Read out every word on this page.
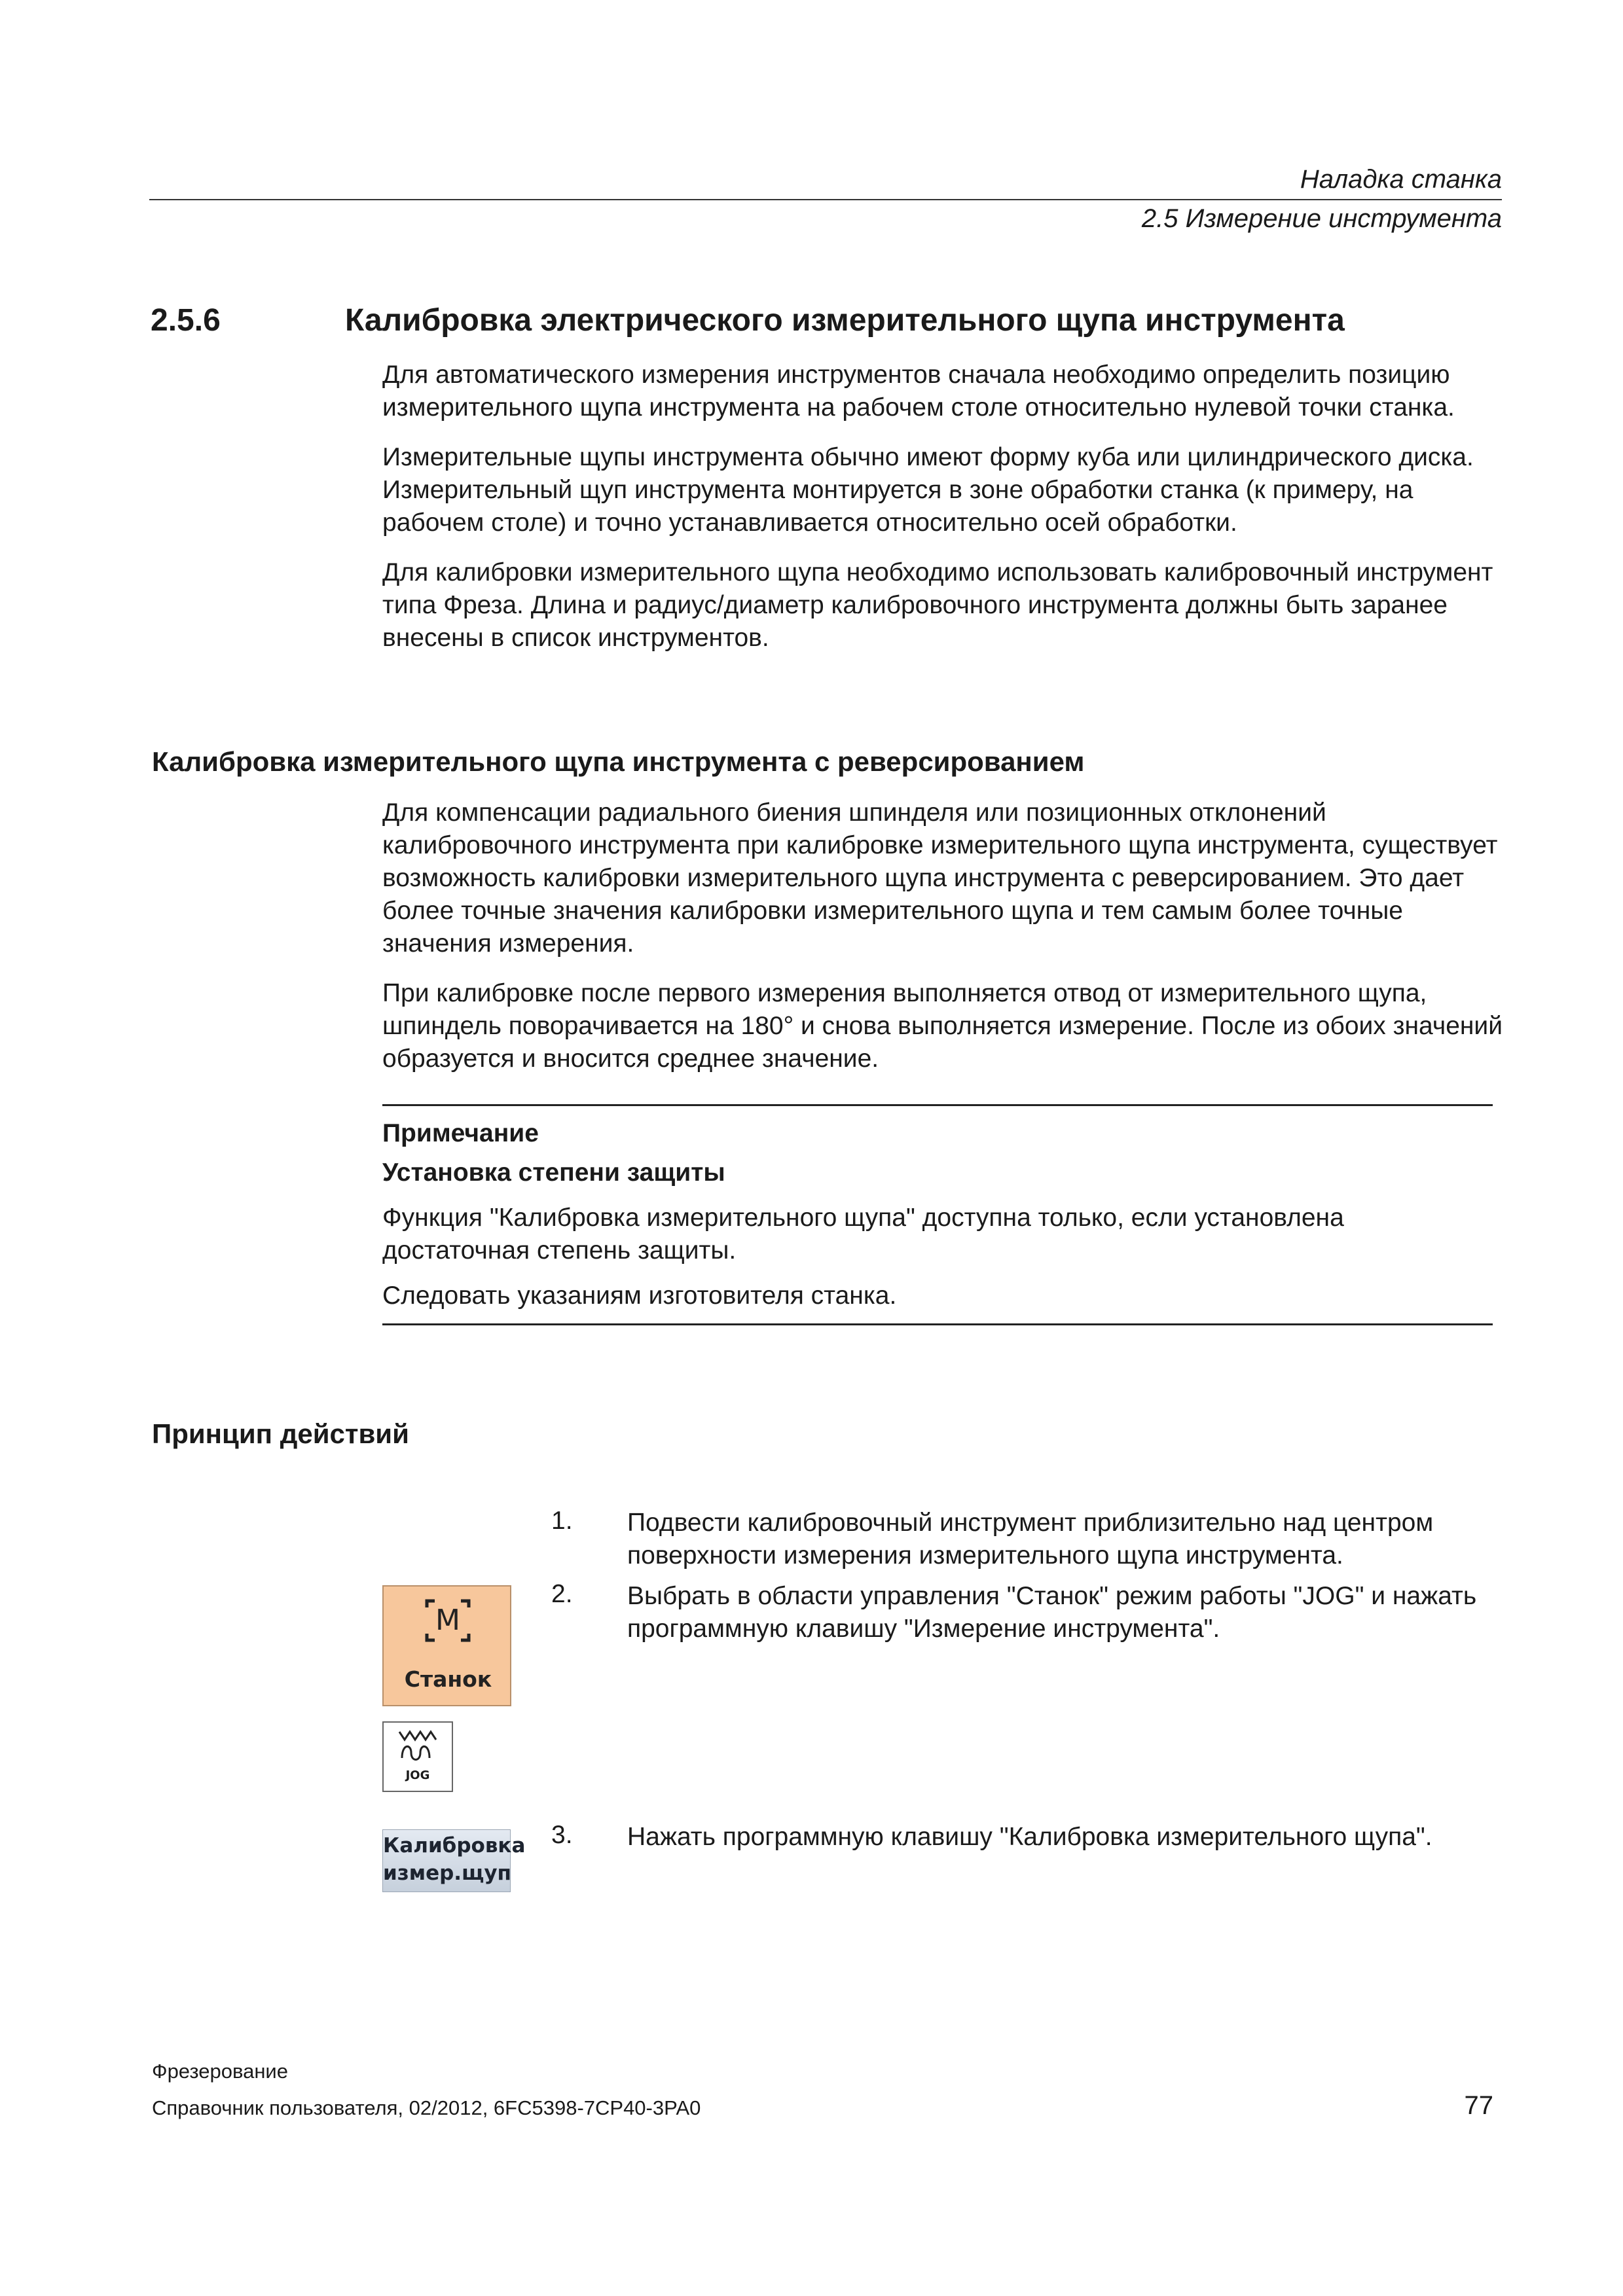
Наладка станка
2.5 Измерение инструмента
2.5.6	Калибровка электрического измерительного щупа инструмента

Для автоматического измерения инструментов сначала необходимо определить позицию измерительного щупа инструмента на рабочем столе относительно нулевой точки станка.

Измерительные щупы инструмента обычно имеют форму куба или цилиндрического диска. Измерительный щуп инструмента монтируется в зоне обработки станка (к примеру, на рабочем столе) и точно устанавливается относительно осей обработки.

Для калибровки измерительного щупа необходимо использовать калибровочный инструмент типа Фреза. Длина и радиус/диаметр калибровочного инструмента должны быть заранее внесены в список инструментов.

Калибровка измерительного щупа инструмента с реверсированием

Для компенсации радиального биения шпинделя или позиционных отклонений калибровочного инструмента при калибровке измерительного щупа инструмента, существует возможность калибровки измерительного щупа инструмента с реверсированием. Это дает более точные значения калибровки измерительного щупа и тем самым более точные значения измерения.

При калибровке после первого измерения выполняется отвод от измерительного щупа, шпиндель поворачивается на 180° и снова выполняется измерение. После из обоих значений образуется и вносится среднее значение.

Примечание
Установка степени защиты
Функция "Калибровка измерительного щупа" доступна только, если установлена достаточная степень защиты.
Следовать указаниям изготовителя станка.
Принцип действий
1. Подвести калибровочный инструмент приблизительно над центром поверхности измерения измерительного щупа инструмента.
2. Выбрать в области управления "Станок" режим работы "JOG" и нажать программную клавишу "Измерение инструмента".
3. Нажать программную клавишу "Калибровка измерительного щупа".
M
Станок
JOG
Калибровка
измер.щуп
Фрезерование
Справочник пользователя, 02/2012, 6FC5398-7CP40-3PA0	77
